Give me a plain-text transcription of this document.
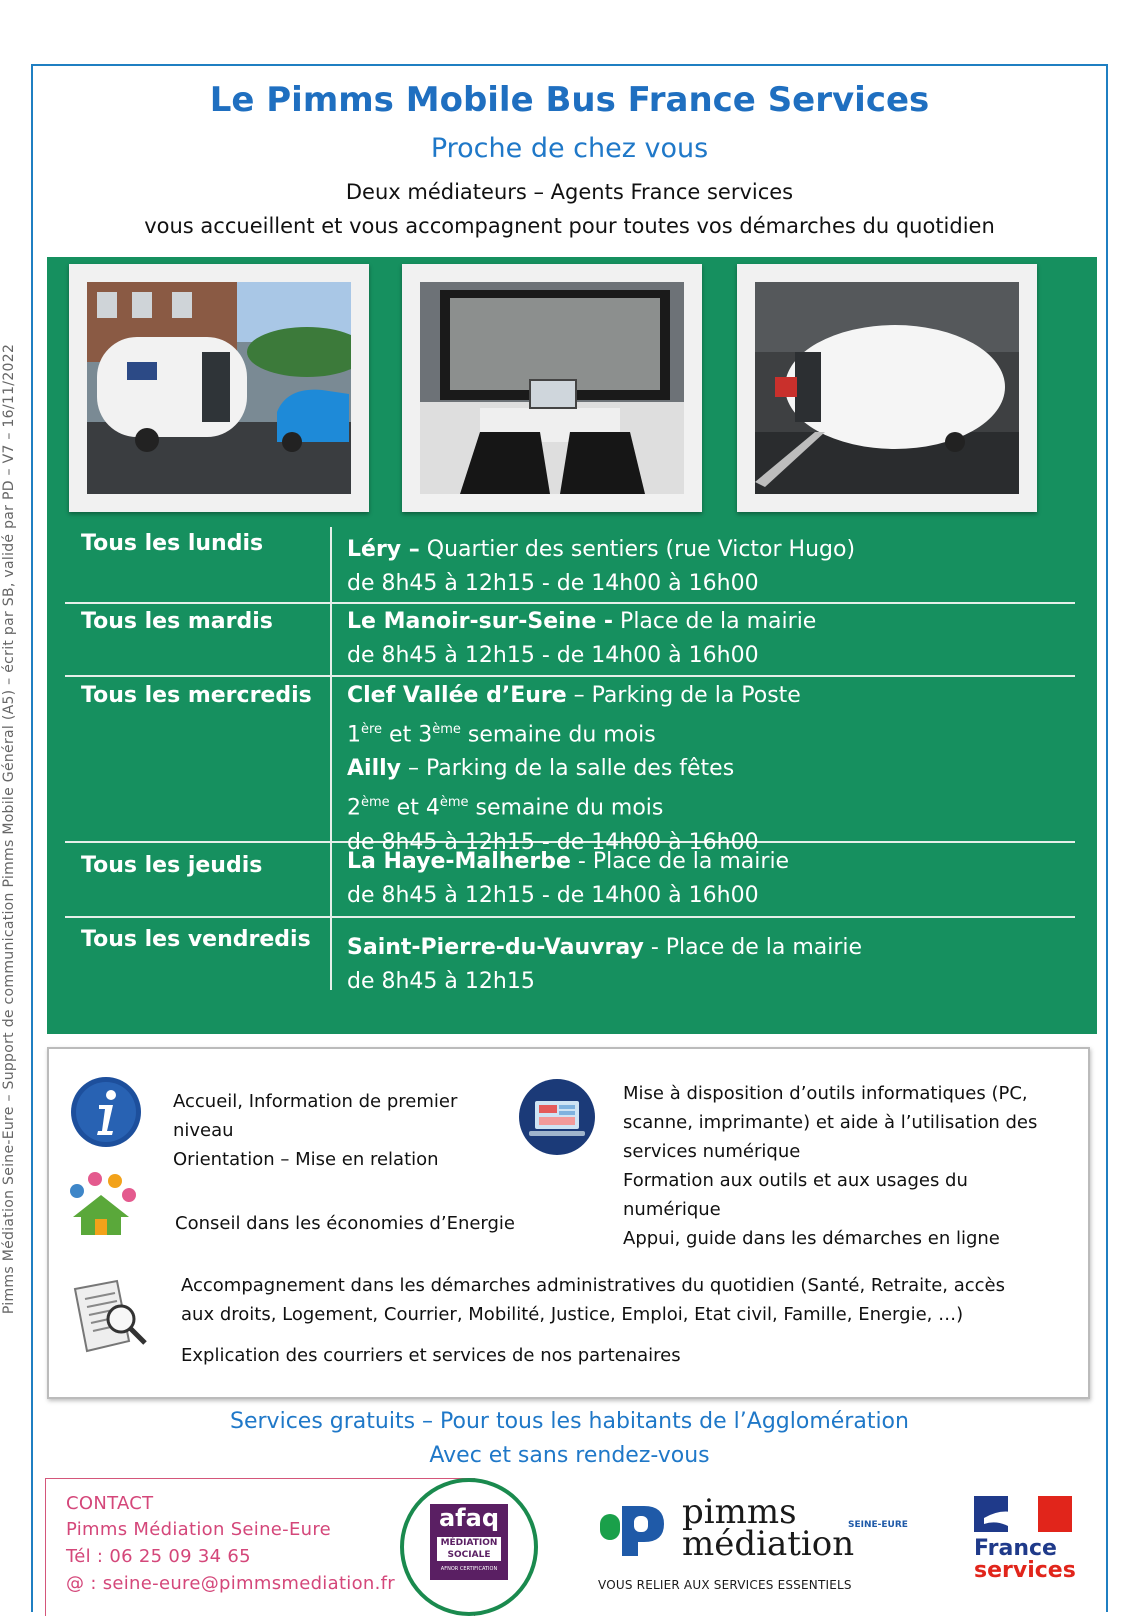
Pimms Médiation Seine-Eure – Support de communication Pimms Mobile Général (A5) – écrit par SB, validé par PD – V7 – 16/11/2022
Le Pimms Mobile Bus France Services
Proche de chez vous
Deux médiateurs – Agents France services
vous accueillent et vous accompagnent pour toutes vos démarches du quotidien
Tous les lundis	Léry – Quartier des sentiers (rue Victor Hugo)
de 8h45 à 12h15 - de 14h00 à 16h00
Tous les mardis	Le Manoir-sur-Seine - Place de la mairie
de 8h45 à 12h15 - de 14h00 à 16h00
Tous les mercredis Clef Vallée d’Eure – Parking de la Poste
1ère et 3ème semaine du mois
Ailly – Parking de la salle des fêtes
2ème et 4ème semaine du mois
de 8h45 à 12h15 - de 14h00 à 16h00
Tous les jeudis	La Haye-Malherbe - Place de la mairie
de 8h45 à 12h15 - de 14h00 à 16h00
Tous les vendredis Saint-Pierre-du-Vauvray - Place de la mairie
de 8h45 à 12h15
Accueil, Information de premier
niveau
Orientation – Mise en relation
Conseil dans les économies d’Energie
Mise à disposition d’outils informatiques (PC,
scanne, imprimante) et aide à l’utilisation des
services numérique
Formation aux outils et aux usages du
numérique
Appui, guide dans les démarches en ligne
Accompagnement dans les démarches administratives du quotidien (Santé, Retraite, accès
aux droits, Logement, Courrier, Mobilité, Justice, Emploi, Etat civil, Famille, Energie, …)
Explication des courriers et services de nos partenaires
Services gratuits – Pour tous les habitants de l’Agglomération
Avec et sans rendez-vous
CONTACT
Pimms Médiation Seine-Eure
Tél : 06 25 09 34 65
@ : seine-eure@pimmsmediation.fr
afaq
MÉDIATION
SOCIALE
AFNOR CERTIFICATION
pimms
médiation
SEINE-EURE
VOUS RELIER AUX SERVICES ESSENTIELS
France
services
